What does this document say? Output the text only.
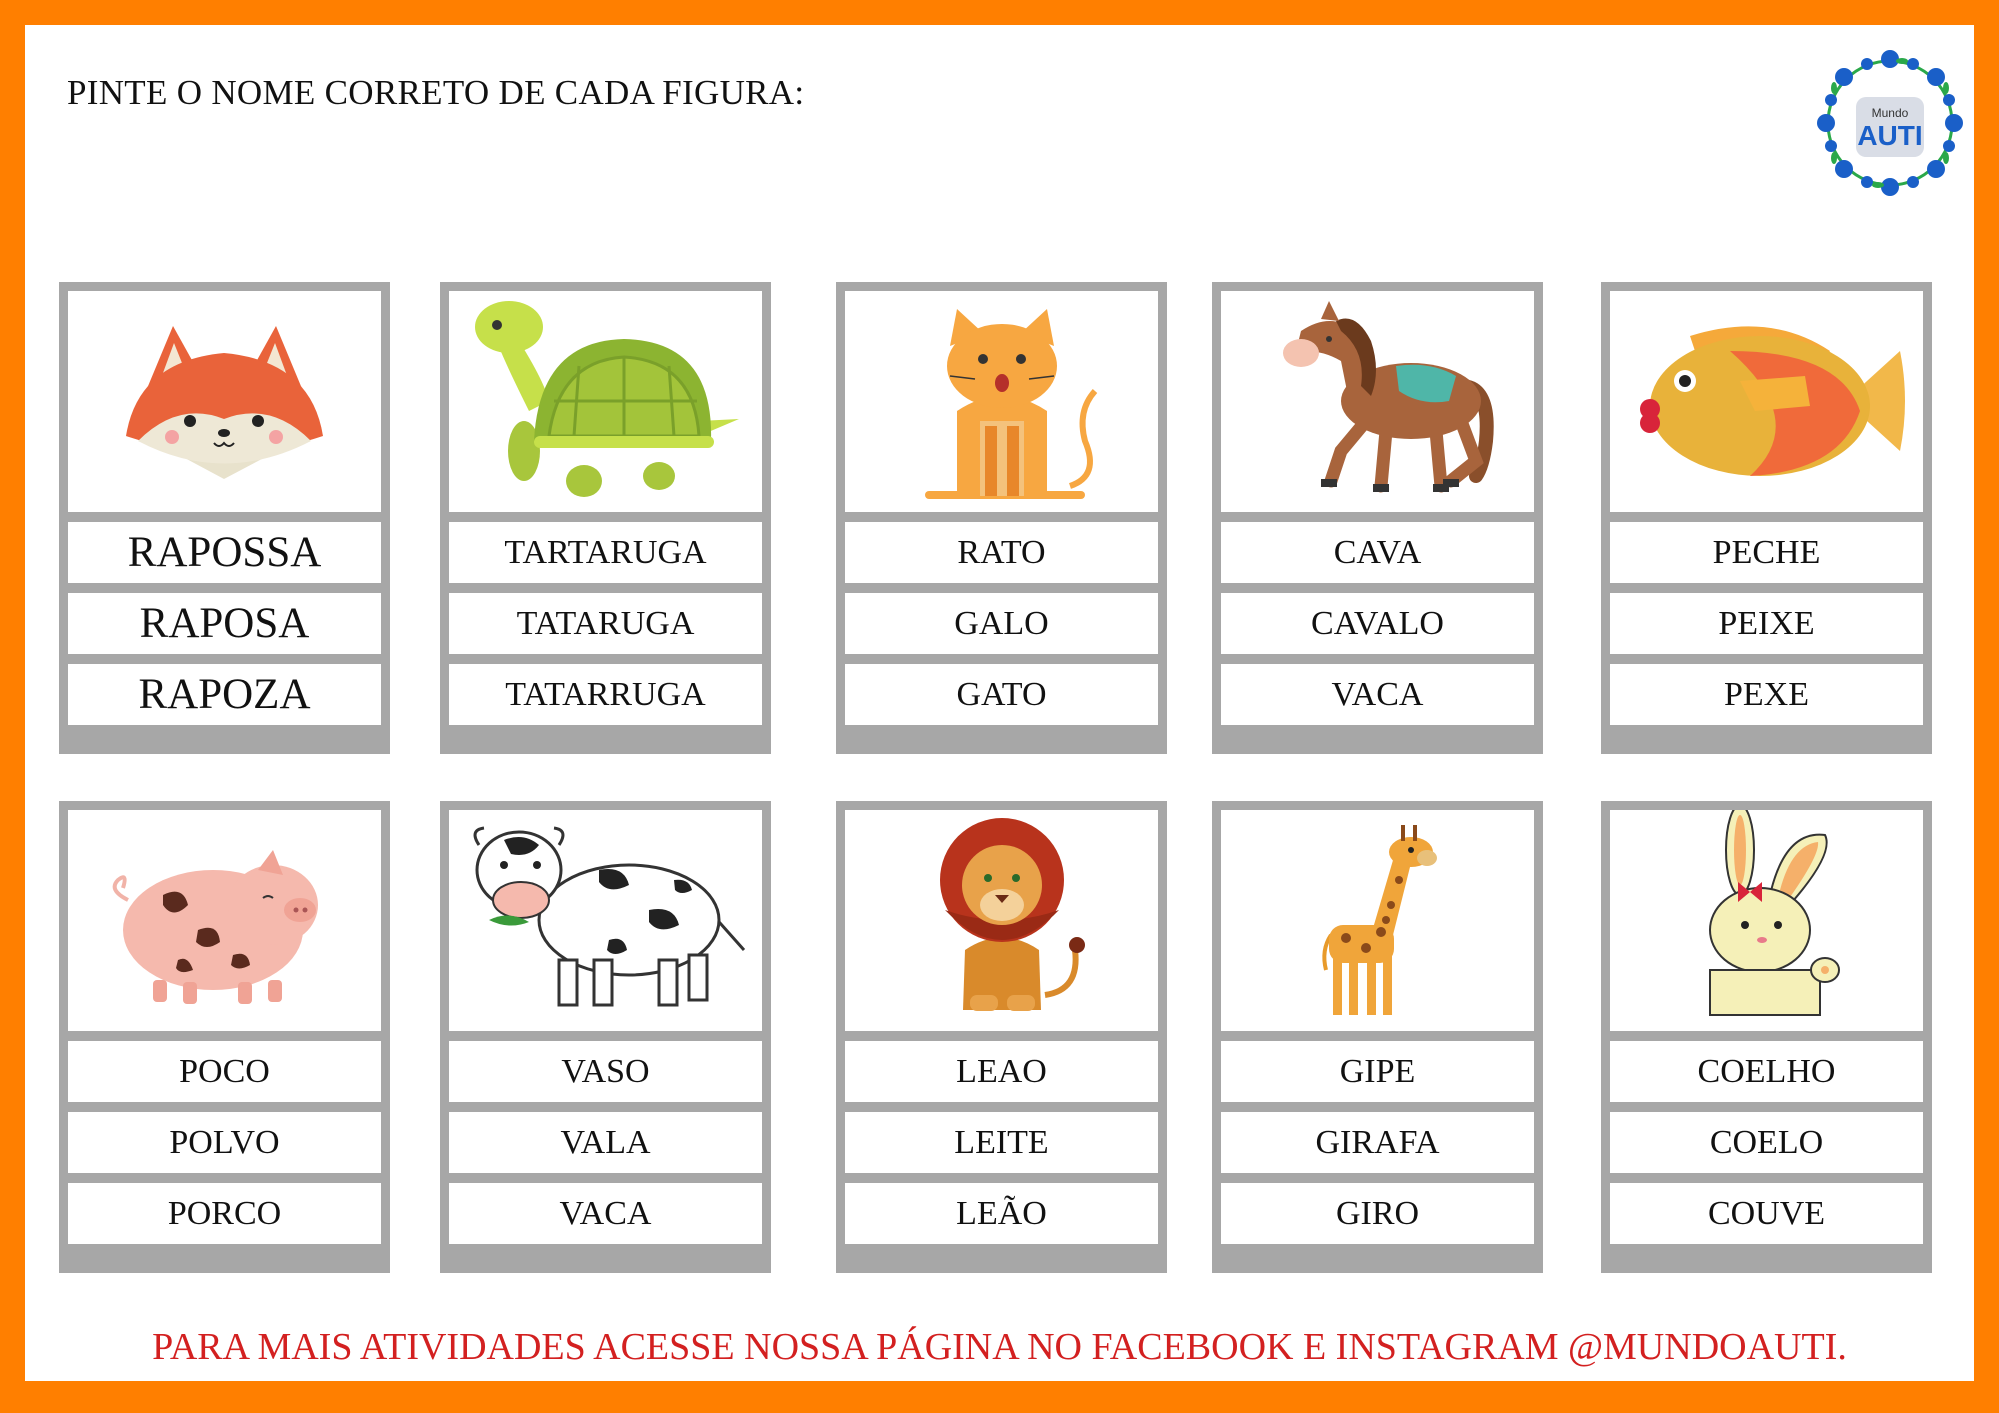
PINTE O NOME CORRETO DE CADA FIGURA:
Mundo
AUTI
RAPOSSA
RAPOSA
RAPOZA
TARTARUGA
TATARUGA
TATARRUGA
RATO
GALO
GATO
CAVA
CAVALO
VACA
PECHE
PEIXE
PEXE
POCO
POLVO
PORCO
VASO
VALA
VACA
LEAO
LEITE
LEÃO
GIPE
GIRAFA
GIRO
COELHO
COELO
COUVE
PARA MAIS ATIVIDADES ACESSE NOSSA PÁGINA NO FACEBOOK E INSTAGRAM @MUNDOAUTI.
